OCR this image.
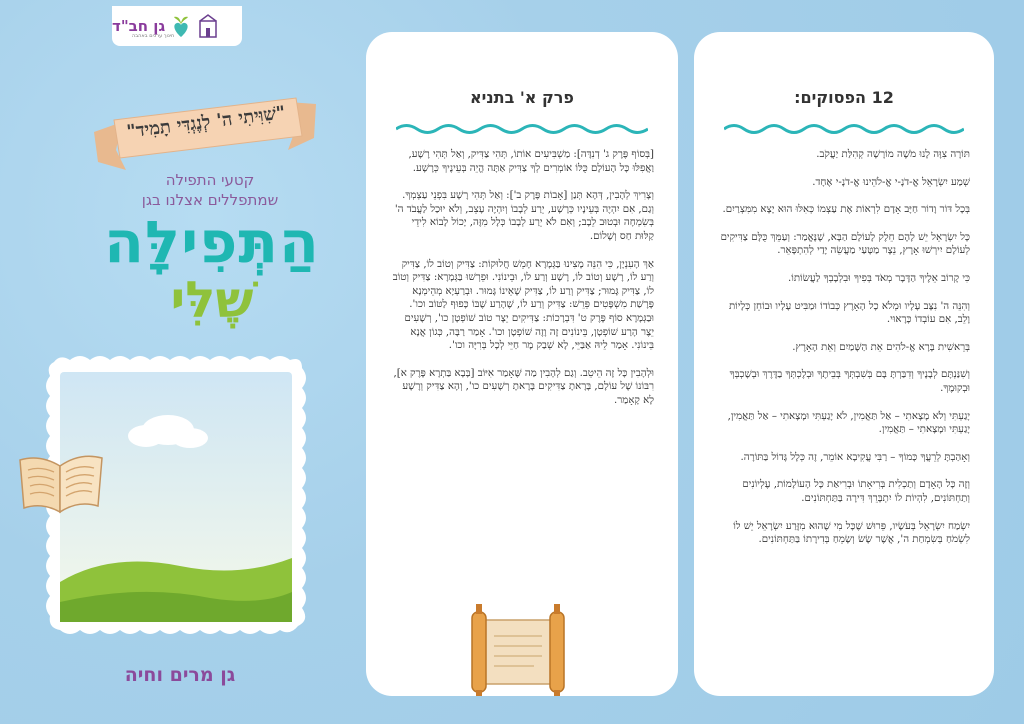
גן חב"ד
חינוך ערכים באהבה
"שִׁוִּיתִי ה' לְנֶגְדִּי תָמִיד"
קטעי התפילה
שמתפללים אצלנו בגן
הַתְּפִילָּה
שֶׁלִּי
גן מרים וחיה
פרק א' בתניא

[בְּסוֹף פֶּרֶק ג' דְנִדָּה]: מַשְׁבִּיעִים אוֹתוֹ, תְּהִי צַדִּיק, וְאַל תְּהִי רָשָׁע, וַאֲפִלּוּ כָּל הָעוֹלָם כֻּלּוֹ אוֹמְרִים לְךָ צַדִּיק אַתָּה הֱיֵה בְּעֵינֶיךָ כְּרָשָׁע.

וְצָרִיךְ לְהָבִין, דְּהָא תְּנַן [אָבוֹת פֶּרֶק ב']: וְאַל תְּהִי רָשָׁע בִּפְנֵי עַצְמְךָ. וְגַם, אִם יִהְיֶה בְּעֵינָיו כְּרָשָׁע, יֵרַע לְבָבוֹ וְיִהְיֶה עָצֵב, וְלֹא יוּכַל לַעֲבֹד ה' בְּשִׂמְחָה וּבְטוּב לֵבָב; וְאִם לֹא יֵרַע לְבָבוֹ כְּלָל מִזֶּה, יָכוֹל לָבוֹא לִידֵי קַלּוּת חַס וְשָׁלוֹם.

אַךְ הָעִנְיָן, כִּי הִנֵּה מָצִינוּ בַּגְּמָרָא חָמֵשׁ חֲלוּקוֹת: צַדִּיק וְטוֹב לוֹ, צַדִּיק וְרַע לוֹ, רָשָׁע וְטוֹב לוֹ, רָשָׁע וְרַע לוֹ, וּבֵינוֹנִי. וּפֵרְשׁוּ בַּגְּמָרָא: צַדִּיק וְטוֹב לוֹ, צַדִּיק גָּמוּר; צַדִּיק וְרַע לוֹ, צַדִּיק שֶׁאֵינוֹ גָּמוּר. וּבְרַעְיָא מְהֵימְנָא פָּרָשַׁת מִשְׁפָּטִים פֵּרֵשׁ: צַדִּיק וְרַע לוֹ, שֶׁהָרַע שֶׁבּוֹ כָּפוּף לַטּוֹב וכו'. וּבַגְּמָרָא סוֹף פֶּרֶק ט' דִּבְרָכוֹת: צַדִּיקִים יֵצֶר טוֹב שׁוֹפְטָן כו', רְשָׁעִים יֵצֶר הָרַע שׁוֹפְטָן, בֵּינוֹנִים זֶה וָזֶה שׁוֹפְטָן וכו'. אָמַר רַבָּה, כְּגוֹן אֲנָא בֵּינוֹנִי. אָמַר לֵיהּ אַבַּיֵּי, לָא שְׁבַק מָר חַיֵּי לְכָל בְּרִיָּה וכו'.

וּלְהָבִין כָּל זֶה הֵיטֵב. וְגַם לְהָבִין מַה שֶּׁאָמַר אִיּוֹב [בָּבָא בַּתְרָא פֶּרֶק א], רִבּוֹנוֹ שֶׁל עוֹלָם, בָּרָאתָ צַדִּיקִים בָּרָאתָ רְשָׁעִים כו', וְהָא צַדִּיק וְרָשָׁע לָא קָאָמַר.

12 הפסוקים:

תּוֹרָה צִוָּה לָנוּ מֹשֶׁה מוֹרָשָׁה קְהִלַּת יַעֲקֹב.

שְׁמַע יִשְׂרָאֵל אֱ-דֹנָ-י אֱ-לֹהֵינוּ אֱ-דֹנָ-י אֶחָד.

בְּכָל דּוֹר וָדוֹר חַיָּב אָדָם לִרְאוֹת אֶת עַצְמוֹ כְּאִלּוּ הוּא יָצָא מִמִּצְרַיִם.

כָּל יִשְׂרָאֵל יֵשׁ לָהֶם חֵלֶק לָעוֹלָם הַבָּא, שֶׁנֶּאֱמַר: וְעַמֵּךְ כֻּלָּם צַדִּיקִים לְעוֹלָם יִירְשׁוּ אָרֶץ, נֵצֶר מַטָּעַי מַעֲשֵׂה יָדַי לְהִתְפָּאֵר.

כִּי קָרוֹב אֵלֶיךָ הַדָּבָר מְאֹד בְּפִיךָ וּבִלְבָבְךָ לַעֲשׂוֹתוֹ.

וְהִנֵּה ה' נִצָּב עָלָיו וּמְלֹא כָל הָאָרֶץ כְּבוֹדוֹ וּמַבִּיט עָלָיו וּבוֹחֵן כְּלָיוֹת וָלֵב, אִם עוֹבְדוֹ כָּרָאוּי.

בְּרֵאשִׁית בָּרָא אֱ-לֹהִים אֵת הַשָּׁמַיִם וְאֵת הָאָרֶץ.

וְשִׁנַּנְתָּם לְבָנֶיךָ וְדִבַּרְתָּ בָּם בְּשִׁבְתְּךָ בְּבֵיתֶךָ וּבְלֶכְתְּךָ בַדֶּרֶךְ וּבְשָׁכְבְּךָ וּבְקוּמֶךָ.

יָגַעְתִּי וְלֹא מָצָאתִי – אַל תַּאֲמִין, לֹא יָגַעְתִּי וּמָצָאתִי – אַל תַּאֲמִין, יָגַעְתִּי וּמָצָאתִי – תַּאֲמִין.

וְאָהַבְתָּ לְרֵעֲךָ כָּמוֹךָ – רַבִּי עֲקִיבָא אוֹמֵר, זֶה כְּלָל גָּדוֹל בַּתּוֹרָה.

וְזֶה כָּל הָאָדָם וְתַכְלִית בְּרִיאָתוֹ וּבְרִיאַת כָּל הָעוֹלָמוֹת, עֶלְיוֹנִים וְתַחְתּוֹנִים, לִהְיוֹת לוֹ יִתְבָּרֵךְ דִּירָה בַּתַּחְתּוֹנִים.

יִשְׂמַח יִשְׂרָאֵל בְּעֹשָׂיו, פֵּרוּשׁ שֶׁכָּל מִי שֶׁהוּא מִזֶּרַע יִשְׂרָאֵל יֵשׁ לוֹ לִשְׂמֹחַ בְּשִׂמְחַת ה', אֲשֶׁר שָׂשׂ וְשָׂמֵחַ בְּדִירָתוֹ בַּתַּחְתּוֹנִים.
